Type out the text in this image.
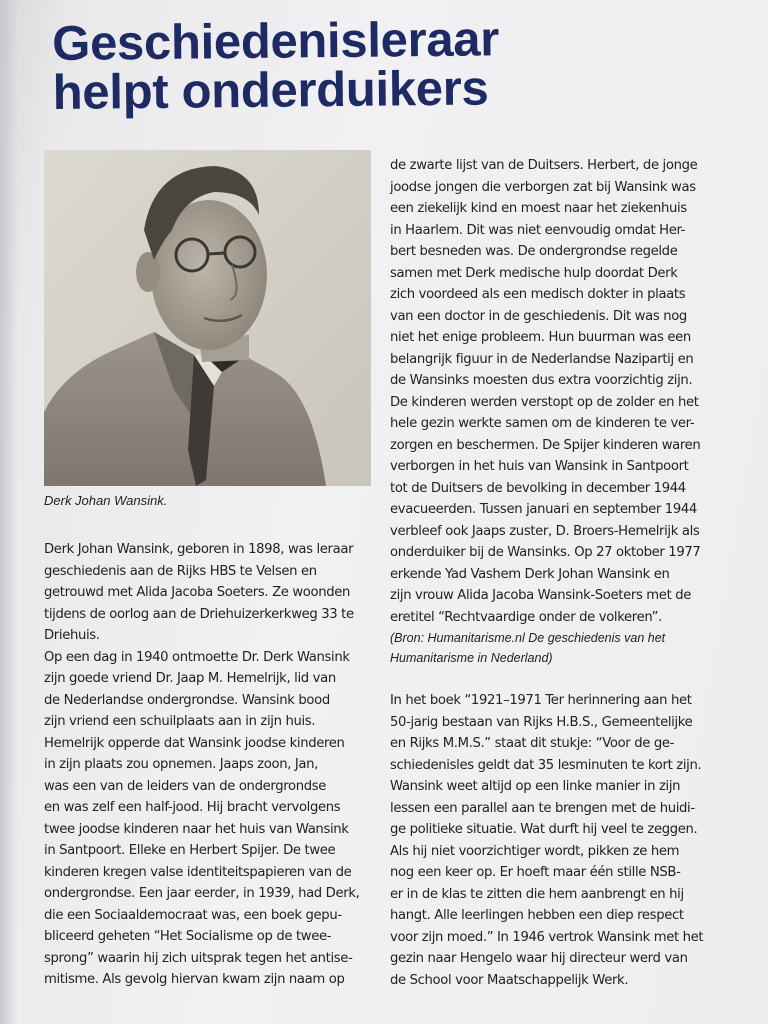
Geschiedenisleraar
helpt onderduikers

Derk Johan Wansink.

Derk Johan Wansink, geboren in 1898, was leraar
geschiedenis aan de Rijks HBS te Velsen en
getrouwd met Alida Jacoba Soeters. Ze woonden
tijdens de oorlog aan de Driehuizerkerkweg 33 te
Driehuis.
Op een dag in 1940 ontmoette Dr. Derk Wansink
zijn goede vriend Dr. Jaap M. Hemelrijk, lid van
de Nederlandse ondergrondse. Wansink bood
zijn vriend een schuilplaats aan in zijn huis.
Hemelrijk opperde dat Wansink joodse kinderen
in zijn plaats zou opnemen. Jaaps zoon, Jan,
was een van de leiders van de ondergrondse
en was zelf een half-jood. Hij bracht vervolgens
twee joodse kinderen naar het huis van Wansink
in Santpoort. Elleke en Herbert Spijer. De twee
kinderen kregen valse identiteitspapieren van de
ondergrondse. Een jaar eerder, in 1939, had Derk,
die een Sociaaldemocraat was, een boek gepu-
bliceerd geheten “Het Socialisme op de twee-
sprong” waarin hij zich uitsprak tegen het antise-
mitisme. Als gevolg hiervan kwam zijn naam op

de zwarte lijst van de Duitsers. Herbert, de jonge
joodse jongen die verborgen zat bij Wansink was
een ziekelijk kind en moest naar het ziekenhuis
in Haarlem. Dit was niet eenvoudig omdat Her-
bert besneden was. De ondergrondse regelde
samen met Derk medische hulp doordat Derk
zich voordeed als een medisch dokter in plaats
van een doctor in de geschiedenis. Dit was nog
niet het enige probleem. Hun buurman was een
belangrijk figuur in de Nederlandse Nazipartij en
de Wansinks moesten dus extra voorzichtig zijn.
De kinderen werden verstopt op de zolder en het
hele gezin werkte samen om de kinderen te ver-
zorgen en beschermen. De Spijer kinderen waren
verborgen in het huis van Wansink in Santpoort
tot de Duitsers de bevolking in december 1944
evacueerden. Tussen januari en september 1944
verbleef ook Jaaps zuster, D. Broers-Hemelrijk als
onderduiker bij de Wansinks. Op 27 oktober 1977
erkende Yad Vashem Derk Johan Wansink en
zijn vrouw Alida Jacoba Wansink-Soeters met de
eretitel “Rechtvaardige onder de volkeren”.

(Bron: Humanitarisme.nl De geschiedenis van het
Humanitarisme in Nederland)

In het boek “1921–1971 Ter herinnering aan het
50-jarig bestaan van Rijks H.B.S., Gemeentelijke
en Rijks M.M.S.” staat dit stukje: “Voor de ge-
schiedenisles geldt dat 35 lesminuten te kort zijn.
Wansink weet altijd op een linke manier in zijn
lessen een parallel aan te brengen met de huidi-
ge politieke situatie. Wat durft hij veel te zeggen.
Als hij niet voorzichtiger wordt, pikken ze hem
nog een keer op. Er hoeft maar één stille NSB-
er in de klas te zitten die hem aanbrengt en hij
hangt. Alle leerlingen hebben een diep respect
voor zijn moed.” In 1946 vertrok Wansink met het
gezin naar Hengelo waar hij directeur werd van
de School voor Maatschappelijk Werk.
